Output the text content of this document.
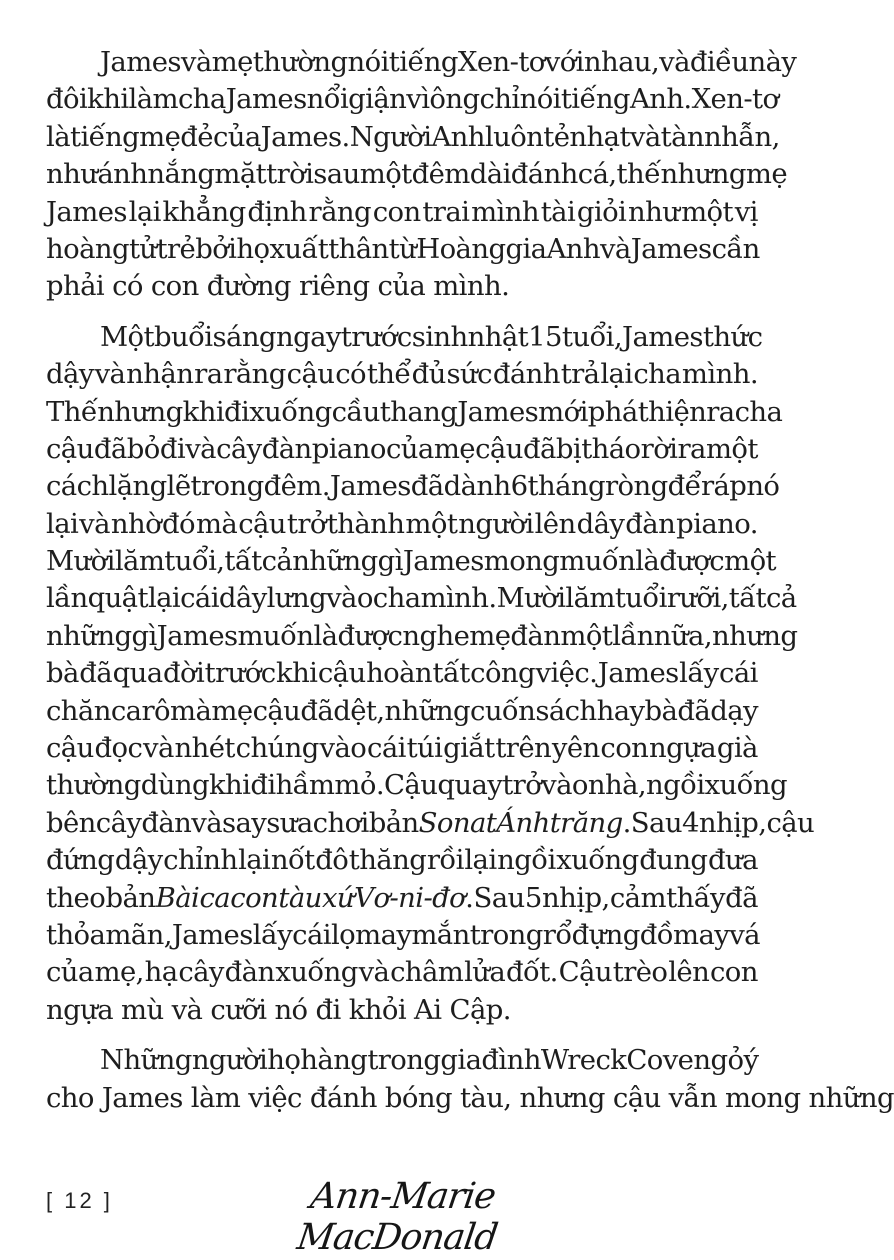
James và mẹ thường nói tiếng Xen-tơ với nhau, và điều này
đôi khi làm cha James nổi giận vì ông chỉ nói tiếng Anh. Xen-tơ
là tiếng mẹ đẻ của James. Người Anh luôn tẻ nhạt và tàn nhẫn,
như ánh nắng mặt trời sau một đêm dài đánh cá, thế nhưng mẹ
James lại khẳng định rằng con trai mình tài giỏi như một vị
hoàng tử trẻ bởi họ xuất thân từ Hoàng gia Anh và James cần
phải có con đường riêng của mình.
Một buổi sáng ngay trước sinh nhật 15 tuổi, James thức
dậy và nhận ra rằng cậu có thể đủ sức đánh trả lại cha mình.
Thế nhưng khi đi xuống cầu thang James mới phát hiện ra cha
cậu đã bỏ đi và cây đàn piano của mẹ cậu đã bị tháo rời ra một
cách lặng lẽ trong đêm. James đã dành 6 tháng ròng để ráp nó
lại và nhờ đó mà cậu trở thành một người lên dây đàn piano.
Mười lăm tuổi, tất cả những gì James mong muốn là được một
lần quật lại cái dây lưng vào cha mình. Mười lăm tuổi rưỡi, tất cả
những gì James muốn là được nghe mẹ đàn một lần nữa, nhưng
bà đã qua đời trước khi cậu hoàn tất công việc. James lấy cái
chăn carô mà mẹ cậu đã dệt, những cuốn sách hay bà đã dạy
cậu đọc và nhét chúng vào cái túi giắt trên yên con ngựa già
thường dùng khi đi hầm mỏ. Cậu quay trở vào nhà, ngồi xuống
bên cây đàn và say sưa chơi bản Sonat Ánh trăng. Sau 4 nhịp, cậu
đứng dậy chỉnh lại nốt đô thăng rồi lại ngồi xuống đung đưa
theo bản Bài ca con tàu xứ Vơ-ni-đơ. Sau 5 nhịp, cảm thấy đã
thỏa mãn, James lấy cái lọ may mắn trong rổ đựng đồ may vá
của mẹ, hạ cây đàn xuống và châm lửa đốt. Cậu trèo lên con
ngựa mù và cưỡi nó đi khỏi Ai Cập.
Những người họ hàng trong gia đình Wreck Cove ngỏ ý
cho James làm việc đánh bóng tàu, nhưng cậu vẫn mong những
[ 12 ]	Ann-Marie MacDonald
